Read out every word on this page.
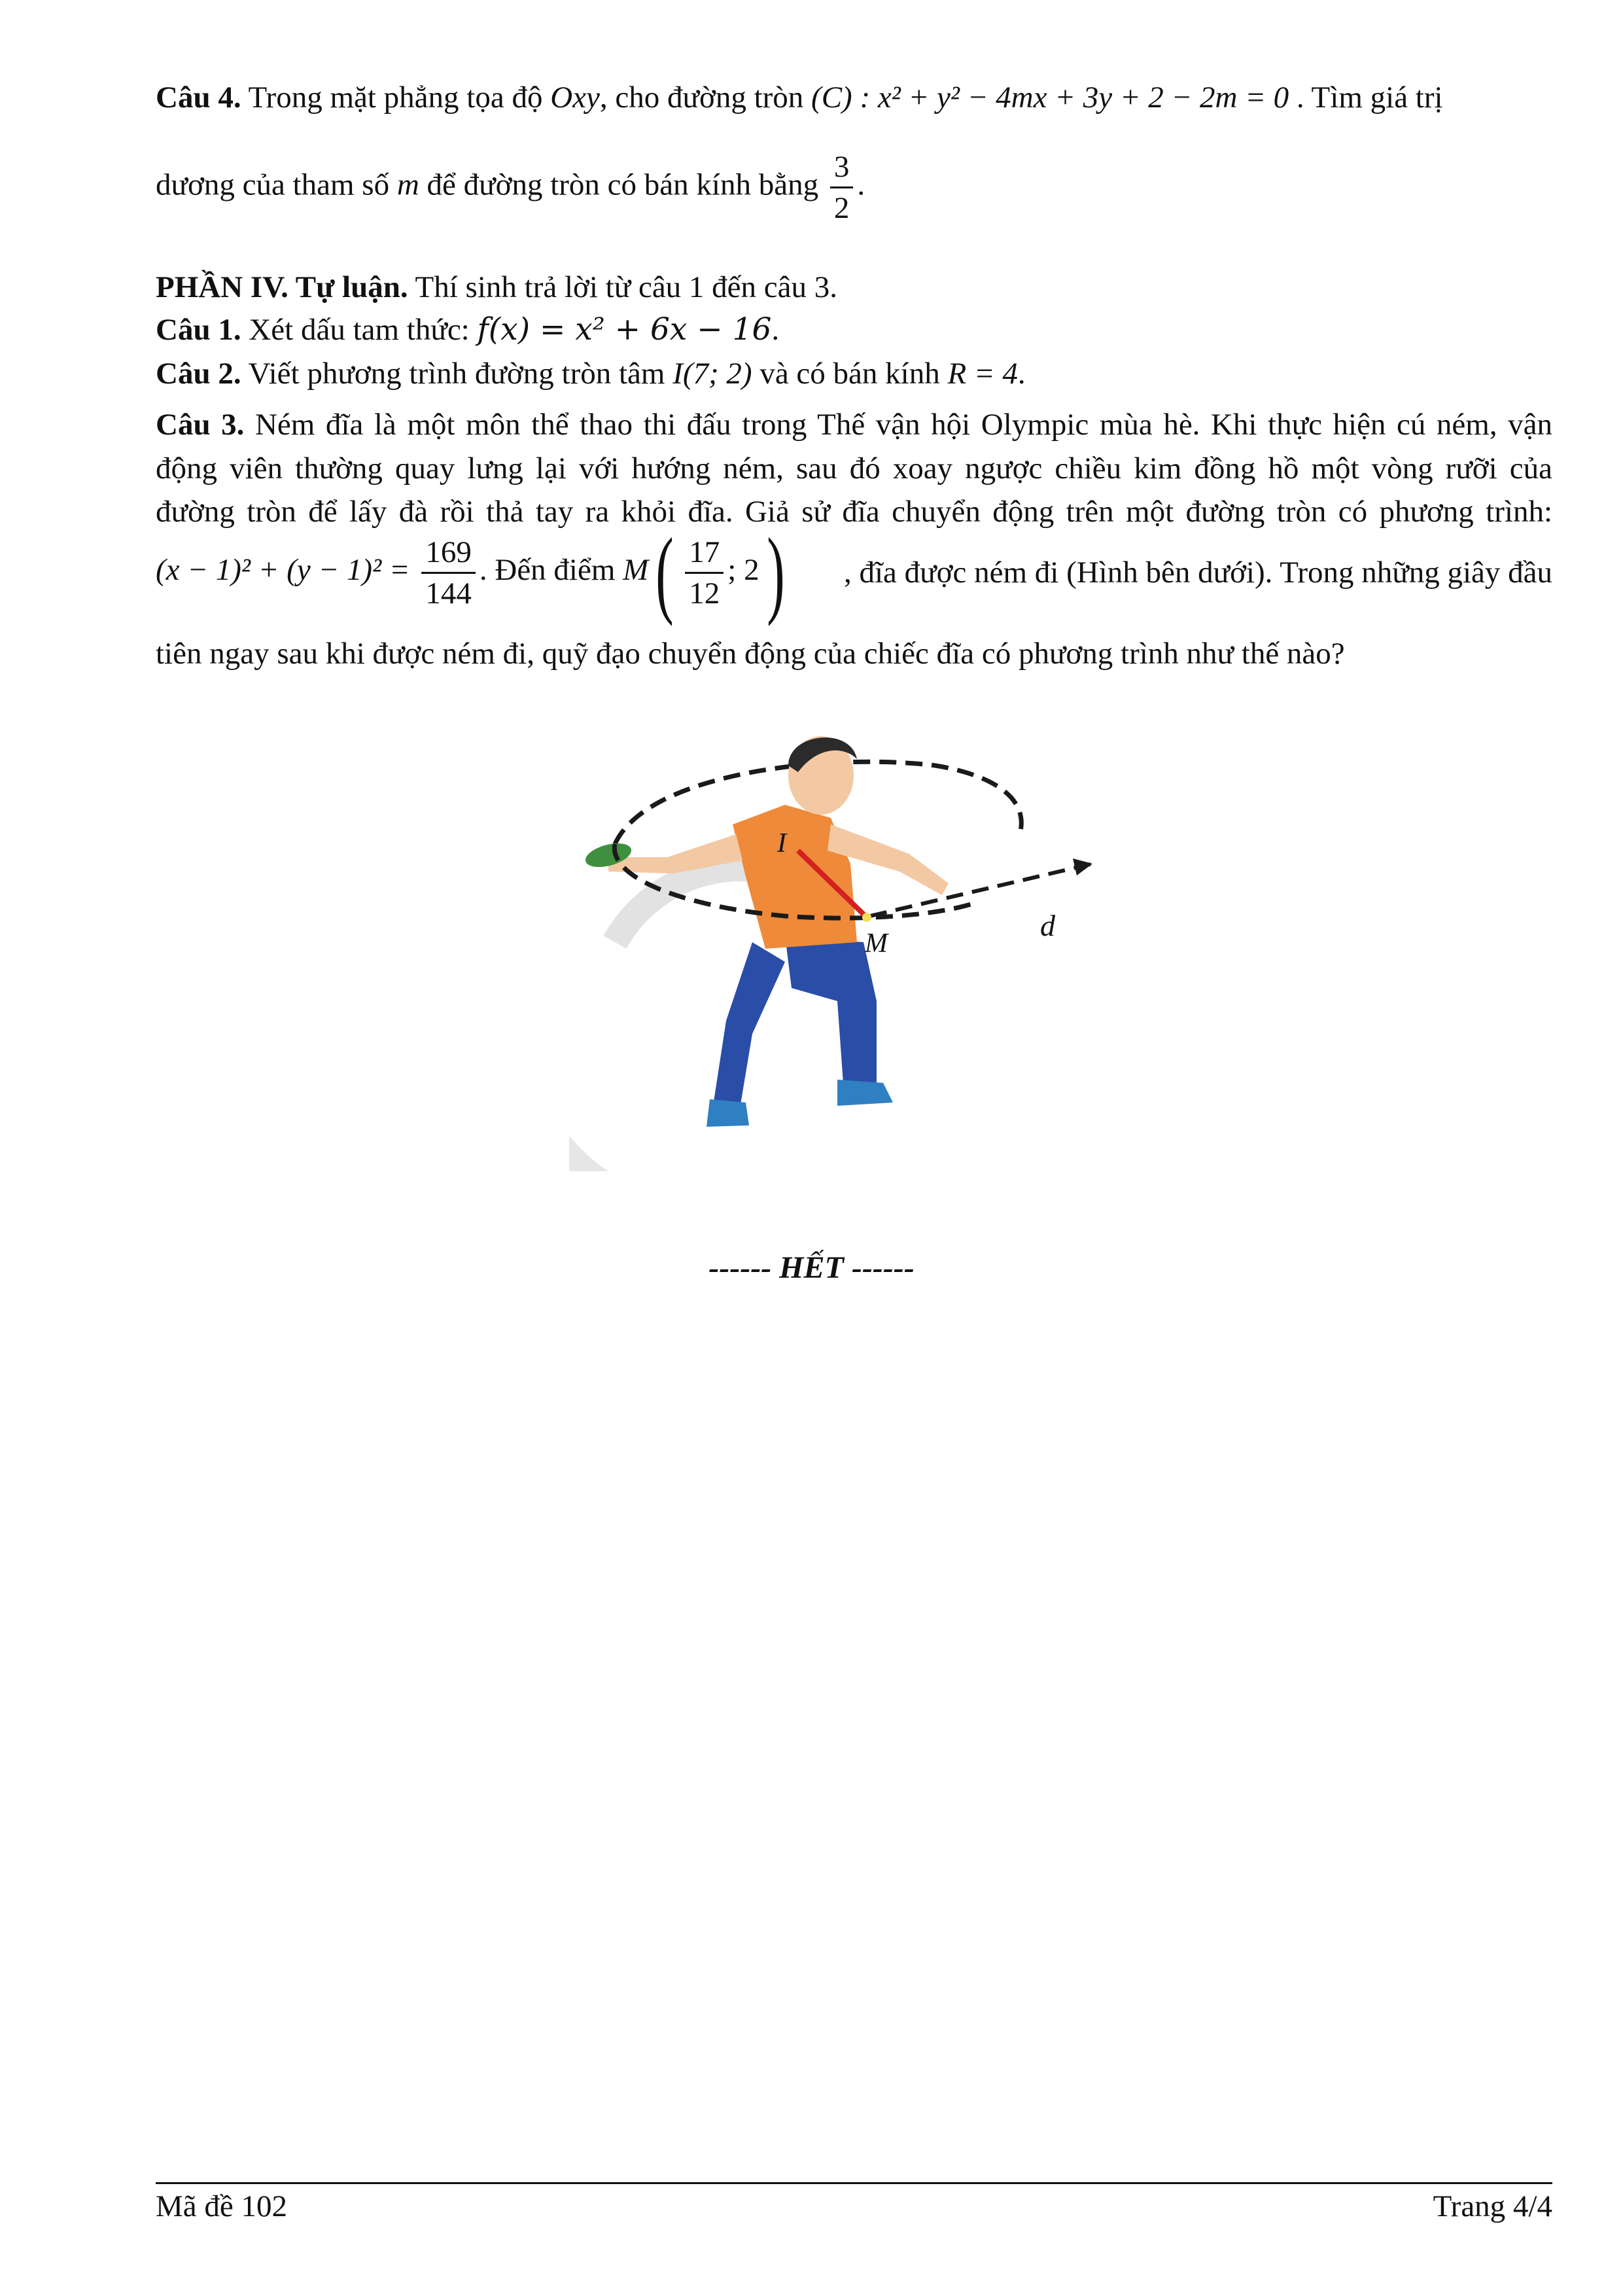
Câu 4. Trong mặt phẳng tọa độ Oxy, cho đường tròn (C) : x² + y² − 4mx + 3y + 2 − 2m = 0 . Tìm giá trị

dương của tham số m để đường tròn có bán kính bằng $\frac{3}{2}$ .

PHẦN IV. Tự luận. Thí sinh trả lời từ câu 1 đến câu 3.

Câu 1. Xét dấu tam thức: f(x) = x² + 6x − 16.

Câu 2. Viết phương trình đường tròn tâm I(7; 2) và có bán kính R = 4.

Câu 3. Ném đĩa là một môn thể thao thi đấu trong Thế vận hội Olympic mùa hè. Khi thực hiện cú ném, vận

động viên thường quay lưng lại với hướng ném, sau đó xoay ngược chiều kim đồng hồ một vòng rưỡi của

đường tròn để lấy đà rồi thả tay ra khỏi đĩa. Giả sử đĩa chuyển động trên một đường tròn có phương trình:

$(x - 1)^2 + (y - 1)^2 = \frac{169}{144}$ . Đến điểm $M( \frac{17}{12}$ ; 2) , đĩa được ném đi (Hình bên dưới). Trong những giây đầu

tiên ngay sau khi được ném đi, quỹ đạo chuyển động của chiếc đĩa có phương trình như thế nào?

I
M
d
------ HẾT ------
Mã đề 102	Trang 4/4
